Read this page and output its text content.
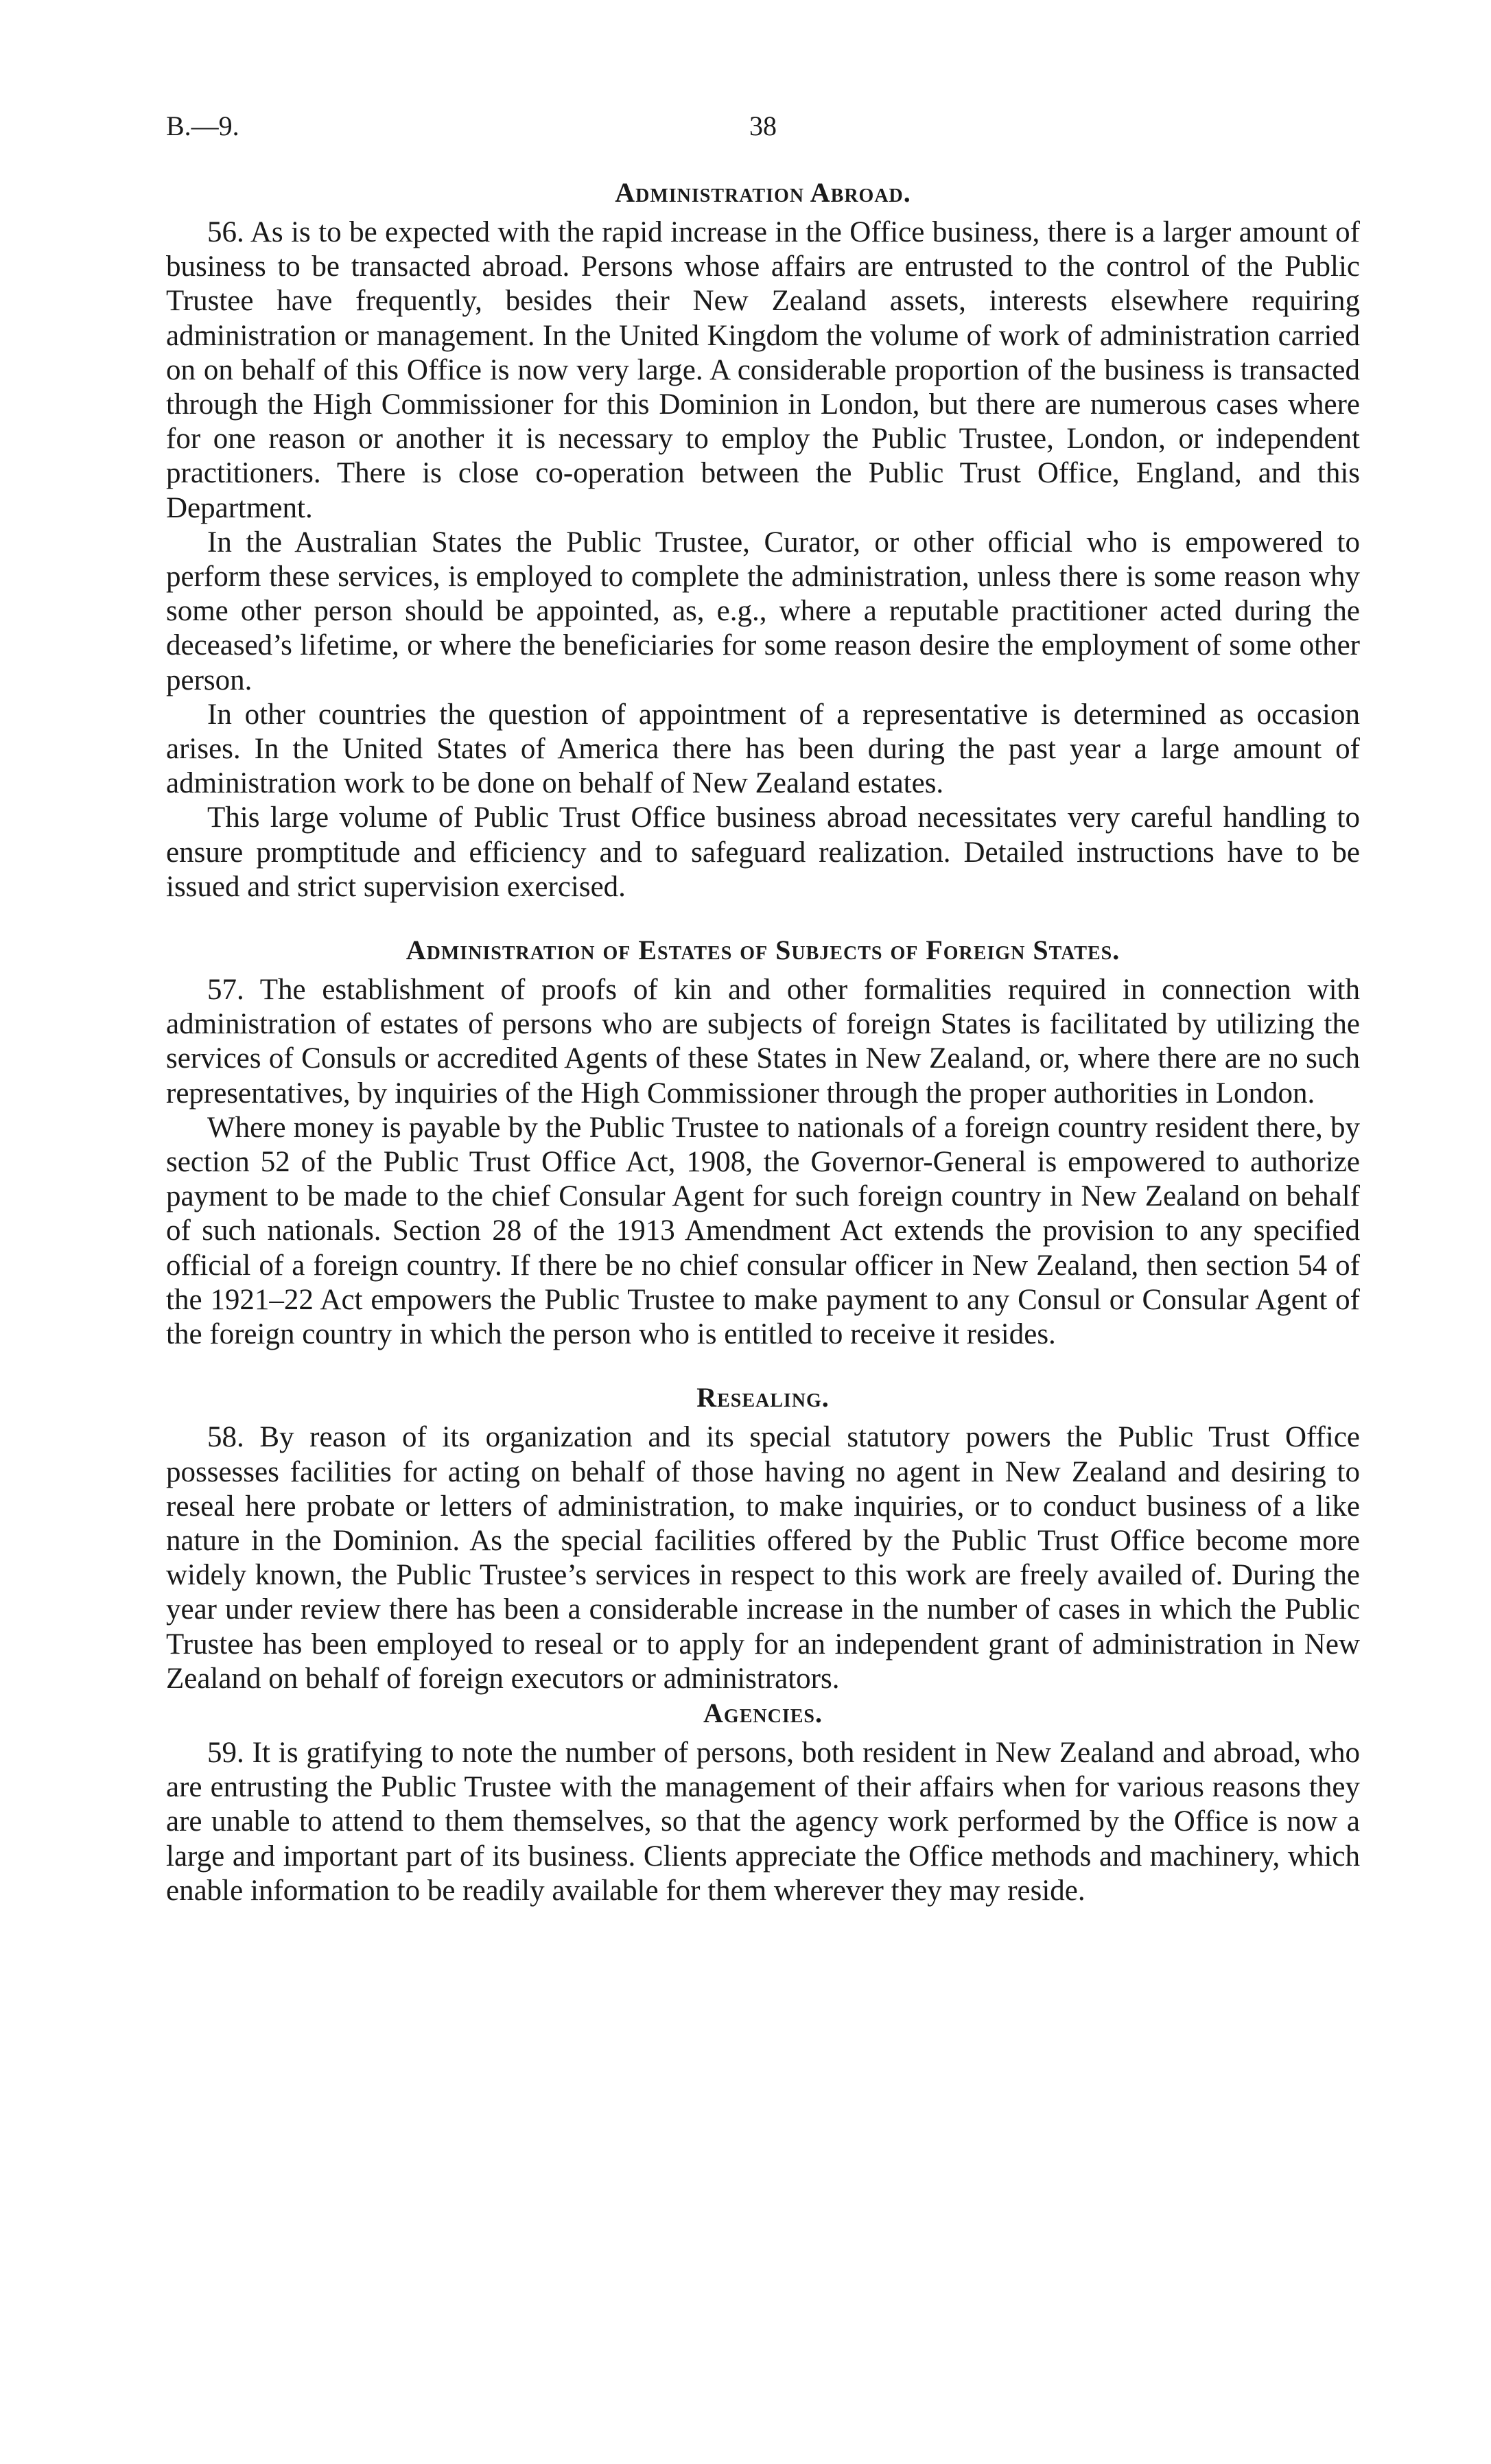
B.—9.	38
Administration Abroad.

56. As is to be expected with the rapid increase in the Office business, there is a larger amount of business to be transacted abroad. Persons whose affairs are entrusted to the control of the Public Trustee have frequently, besides their New Zealand assets, interests elsewhere requiring administration or management. In the United Kingdom the volume of work of administration carried on on behalf of this Office is now very large. A considerable proportion of the business is transacted through the High Commissioner for this Dominion in London, but there are numerous cases where for one reason or another it is necessary to employ the Public Trustee, London, or independent practitioners. There is close co-operation between the Public Trust Office, England, and this Department.

In the Australian States the Public Trustee, Curator, or other official who is empowered to perform these services, is employed to complete the administration, unless there is some reason why some other person should be appointed, as, e.g., where a reputable practitioner acted during the deceased’s lifetime, or where the beneficiaries for some reason desire the employment of some other person.

In other countries the question of appointment of a representative is determined as occasion arises. In the United States of America there has been during the past year a large amount of administration work to be done on behalf of New Zealand estates.

This large volume of Public Trust Office business abroad necessitates very careful handling to ensure promptitude and efficiency and to safeguard realization. Detailed instructions have to be issued and strict supervision exercised.

Administration of Estates of Subjects of Foreign States.

57. The establishment of proofs of kin and other formalities required in connection with administration of estates of persons who are subjects of foreign States is facilitated by utilizing the services of Consuls or accredited Agents of these States in New Zealand, or, where there are no such representatives, by inquiries of the High Commissioner through the proper authorities in London.

Where money is payable by the Public Trustee to nationals of a foreign country resident there, by section 52 of the Public Trust Office Act, 1908, the Governor-General is empowered to authorize payment to be made to the chief Consular Agent for such foreign country in New Zealand on behalf of such nationals. Section 28 of the 1913 Amendment Act extends the provision to any specified official of a foreign country. If there be no chief consular officer in New Zealand, then section 54 of the 1921–22 Act empowers the Public Trustee to make payment to any Consul or Consular Agent of the foreign country in which the person who is entitled to receive it resides.

Resealing.

58. By reason of its organization and its special statutory powers the Public Trust Office possesses facilities for acting on behalf of those having no agent in New Zealand and desiring to reseal here probate or letters of administration, to make inquiries, or to conduct business of a like nature in the Dominion. As the special facilities offered by the Public Trust Office become more widely known, the Public Trustee’s services in respect to this work are freely availed of. During the year under review there has been a considerable increase in the number of cases in which the Public Trustee has been employed to reseal or to apply for an independent grant of administration in New Zealand on behalf of foreign executors or administrators.

Agencies.

59. It is gratifying to note the number of persons, both resident in New Zealand and abroad, who are entrusting the Public Trustee with the management of their affairs when for various reasons they are unable to attend to them themselves, so that the agency work performed by the Office is now a large and important part of its business. Clients appreciate the Office methods and machinery, which enable information to be readily available for them wherever they may reside.
